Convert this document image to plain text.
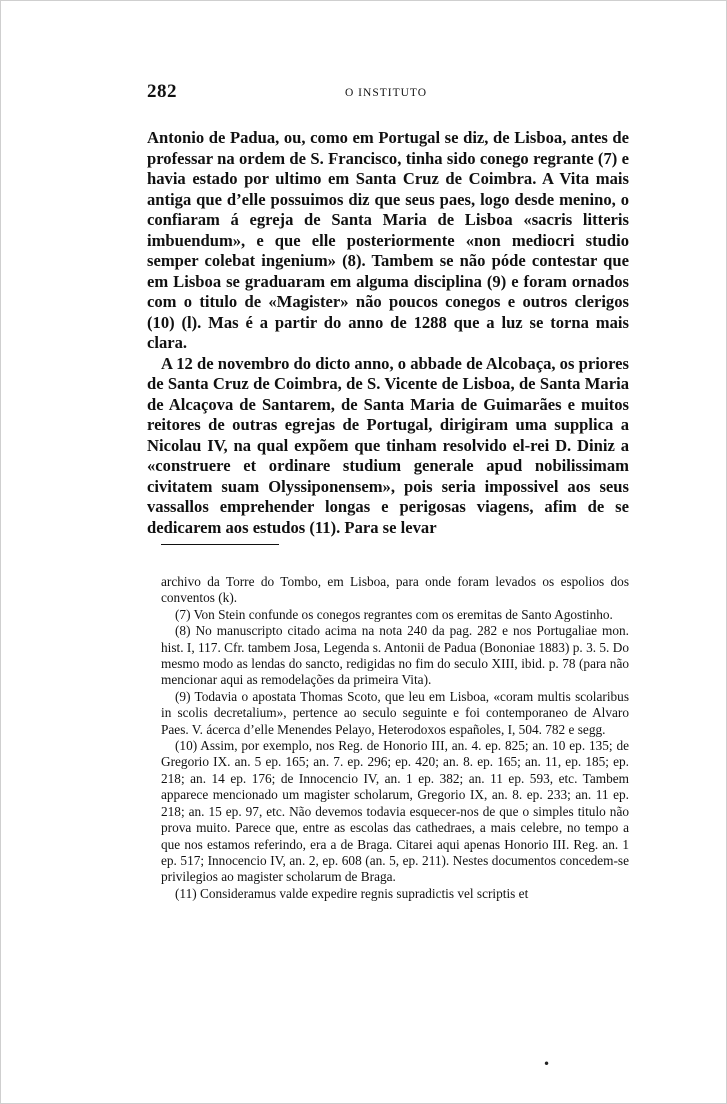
282	O INSTITUTO

Antonio de Padua, ou, como em Portugal se diz, de Lisboa, antes de professar na ordem de S. Francisco, tinha sido conego regrante (7) e havia estado por ultimo em Santa Cruz de Coimbra. A Vita mais antiga que d’elle possuimos diz que seus paes, logo desde menino, o confiaram á egreja de Santa Maria de Lisboa «sacris litteris imbuendum», e que elle posteriormente «non mediocri studio semper colebat ingenium» (8). Tambem se não póde contestar que em Lisboa se graduaram em alguma disciplina (9) e foram ornados com o titulo de «Magister» não poucos conegos e outros clerigos (10) (l). Mas é a partir do anno de 1288 que a luz se torna mais clara.

A 12 de novembro do dicto anno, o abbade de Alcobaça, os priores de Santa Cruz de Coimbra, de S. Vicente de Lisboa, de Santa Maria de Alcaçova de Santarem, de Santa Maria de Guimarães e muitos reitores de outras egrejas de Portugal, dirigiram uma supplica a Nicolau IV, na qual expõem que tinham resolvido el-rei D. Diniz a «construere et ordinare studium generale apud nobilissimam civitatem suam Olyssiponensem», pois seria impossivel aos seus vassallos emprehender longas e perigosas viagens, afim de se dedicarem aos estudos (11). Para se levar

archivo da Torre do Tombo, em Lisboa, para onde foram levados os espolios dos conventos (k).

(7) Von Stein confunde os conegos regrantes com os eremitas de Santo Agostinho.

(8) No manuscripto citado acima na nota 240 da pag. 282 e nos Portugaliae mon. hist. I, 117. Cfr. tambem Josa, Legenda s. Antonii de Padua (Bononiae 1883) p. 3. 5. Do mesmo modo as lendas do sancto, redigidas no fim do seculo XIII, ibid. p. 78 (para não mencionar aqui as remodelações da primeira Vita).

(9) Todavia o apostata Thomas Scoto, que leu em Lisboa, «coram multis scolaribus in scolis decretalium», pertence ao seculo seguinte e foi contemporaneo de Alvaro Paes. V. ácerca d’elle Menendes Pelayo, Heterodoxos españoles, I, 504. 782 e segg.

(10) Assim, por exemplo, nos Reg. de Honorio III, an. 4. ep. 825; an. 10 ep. 135; de Gregorio IX. an. 5 ep. 165; an. 7. ep. 296; ep. 420; an. 8. ep. 165; an. 11, ep. 185; ep. 218; an. 14 ep. 176; de Innocencio IV, an. 1 ep. 382; an. 11 ep. 593, etc. Tambem apparece mencionado um magister scholarum, Gregorio IX, an. 8. ep. 233; an. 11 ep. 218; an. 15 ep. 97, etc. Não devemos todavia esquecer-nos de que o simples titulo não prova muito. Parece que, entre as escolas das cathedraes, a mais celebre, no tempo a que nos estamos referindo, era a de Braga. Citarei aqui apenas Honorio III. Reg. an. 1 ep. 517; Innocencio IV, an. 2, ep. 608 (an. 5, ep. 211). Nestes documentos concedem-se privilegios ao magister scholarum de Braga.

(11) Consideramus valde expedire regnis supradictis vel scriptis et

•
